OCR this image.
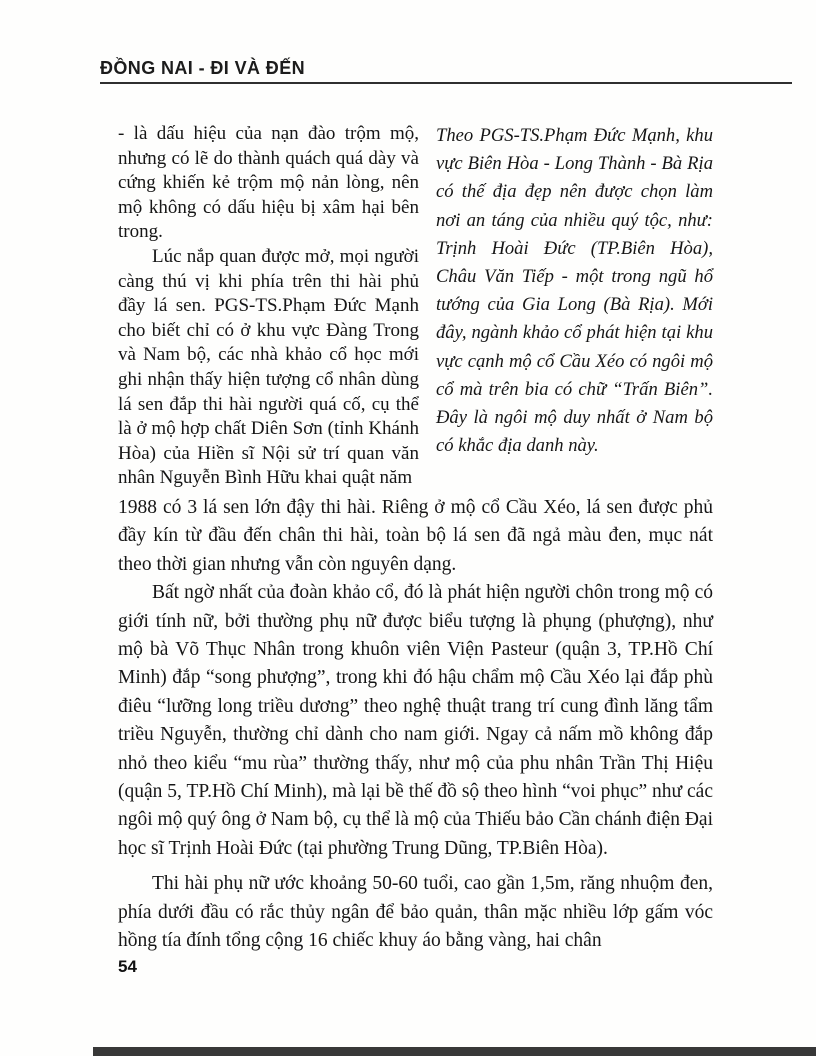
ĐỒNG NAI - ĐI VÀ ĐẾN

- là dấu hiệu của nạn đào trộm mộ, nhưng có lẽ do thành quách quá dày và cứng khiến kẻ trộm mộ nản lòng, nên mộ không có dấu hiệu bị xâm hại bên trong.

Lúc nắp quan được mở, mọi người càng thú vị khi phía trên thi hài phủ đầy lá sen. PGS-TS.Phạm Đức Mạnh cho biết chỉ có ở khu vực Đàng Trong và Nam bộ, các nhà khảo cổ học mới ghi nhận thấy hiện tượng cổ nhân dùng lá sen đắp thi hài người quá cố, cụ thể là ở mộ hợp chất Diên Sơn (tỉnh Khánh Hòa) của Hiền sĩ Nội sử trí quan văn nhân Nguyễn Bình Hữu khai quật năm

Theo PGS-TS.Phạm Đức Mạnh, khu vực Biên Hòa - Long Thành - Bà Rịa có thế địa đẹp nên được chọn làm nơi an táng của nhiều quý tộc, như: Trịnh Hoài Đức (TP.Biên Hòa), Châu Văn Tiếp - một trong ngũ hổ tướng của Gia Long (Bà Rịa). Mới đây, ngành khảo cổ phát hiện tại khu vực cạnh mộ cổ Cầu Xéo có ngôi mộ cổ mà trên bia có chữ “Trấn Biên”. Đây là ngôi mộ duy nhất ở Nam bộ có khắc địa danh này.

1988 có 3 lá sen lớn đậy thi hài. Riêng ở mộ cổ Cầu Xéo, lá sen được phủ đầy kín từ đầu đến chân thi hài, toàn bộ lá sen đã ngả màu đen, mục nát theo thời gian nhưng vẫn còn nguyên dạng.

Bất ngờ nhất của đoàn khảo cổ, đó là phát hiện người chôn trong mộ có giới tính nữ, bởi thường phụ nữ được biểu tượng là phụng (phượng), như mộ bà Võ Thục Nhân trong khuôn viên Viện Pasteur (quận 3, TP.Hồ Chí Minh) đắp “song phượng”, trong khi đó hậu chẩm mộ Cầu Xéo lại đắp phù điêu “lưỡng long triều dương” theo nghệ thuật trang trí cung đình lăng tẩm triều Nguyễn, thường chỉ dành cho nam giới. Ngay cả nấm mồ không đắp nhỏ theo kiểu “mu rùa” thường thấy, như mộ của phu nhân Trần Thị Hiệu (quận 5, TP.Hồ Chí Minh), mà lại bề thế đồ sộ theo hình “voi phục” như các ngôi mộ quý ông ở Nam bộ, cụ thể là mộ của Thiếu bảo Cần chánh điện Đại học sĩ Trịnh Hoài Đức (tại phường Trung Dũng, TP.Biên Hòa).

Thi hài phụ nữ ước khoảng 50-60 tuổi, cao gần 1,5m, răng nhuộm đen, phía dưới đầu có rắc thủy ngân để bảo quản, thân mặc nhiều lớp gấm vóc hồng tía đính tổng cộng 16 chiếc khuy áo bằng vàng, hai chân

54
